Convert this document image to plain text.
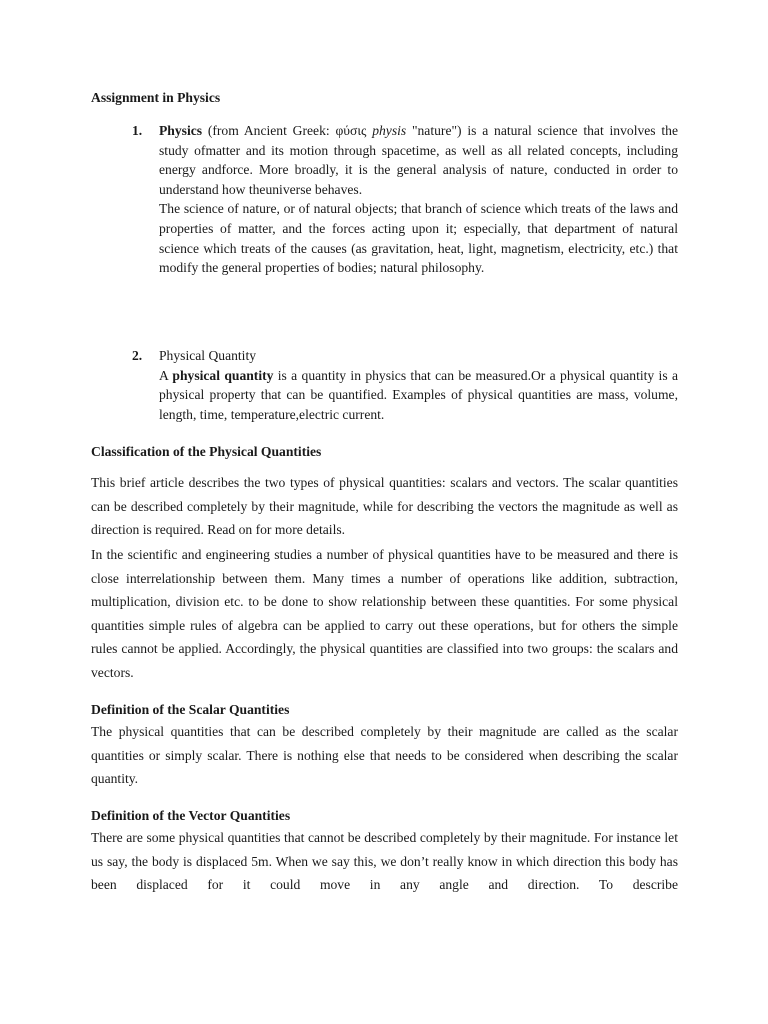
Assignment in Physics
1. Physics (from Ancient Greek: φύσις physis "nature") is a natural science that involves the study ofmatter and its motion through spacetime, as well as all related concepts, including energy andforce. More broadly, it is the general analysis of nature, conducted in order to understand how theuniverse behaves.

The science of nature, or of natural objects; that branch of science which treats of the laws and properties of matter, and the forces acting upon it; especially, that department of natural science which treats of the causes (as gravitation, heat, light, magnetism, electricity, etc.) that modify the general properties of bodies; natural philosophy.

2. Physical Quantity

A physical quantity is a quantity in physics that can be measured.Or a physical quantity is a physical property that can be quantified. Examples of physical quantities are mass, volume, length, time, temperature,electric current.

Classification of the Physical Quantities

This brief article describes the two types of physical quantities: scalars and vectors. The scalar quantities can be described completely by their magnitude, while for describing the vectors the magnitude as well as direction is required. Read on for more details.

In the scientific and engineering studies a number of physical quantities have to be measured and there is close interrelationship between them. Many times a number of operations like addition, subtraction, multiplication, division etc. to be done to show relationship between these quantities. For some physical quantities simple rules of algebra can be applied to carry out these operations, but for others the simple rules cannot be applied. Accordingly, the physical quantities are classified into two groups: the scalars and vectors.

Definition of the Scalar Quantities

The physical quantities that can be described completely by their magnitude are called as the scalar quantities or simply scalar. There is nothing else that needs to be considered when describing the scalar quantity.

Definition of the Vector Quantities

There are some physical quantities that cannot be described completely by their magnitude. For instance let us say, the body is displaced 5m. When we say this, we don’t really know in which direction this body has been displaced for it could move in any angle and direction. To describe
